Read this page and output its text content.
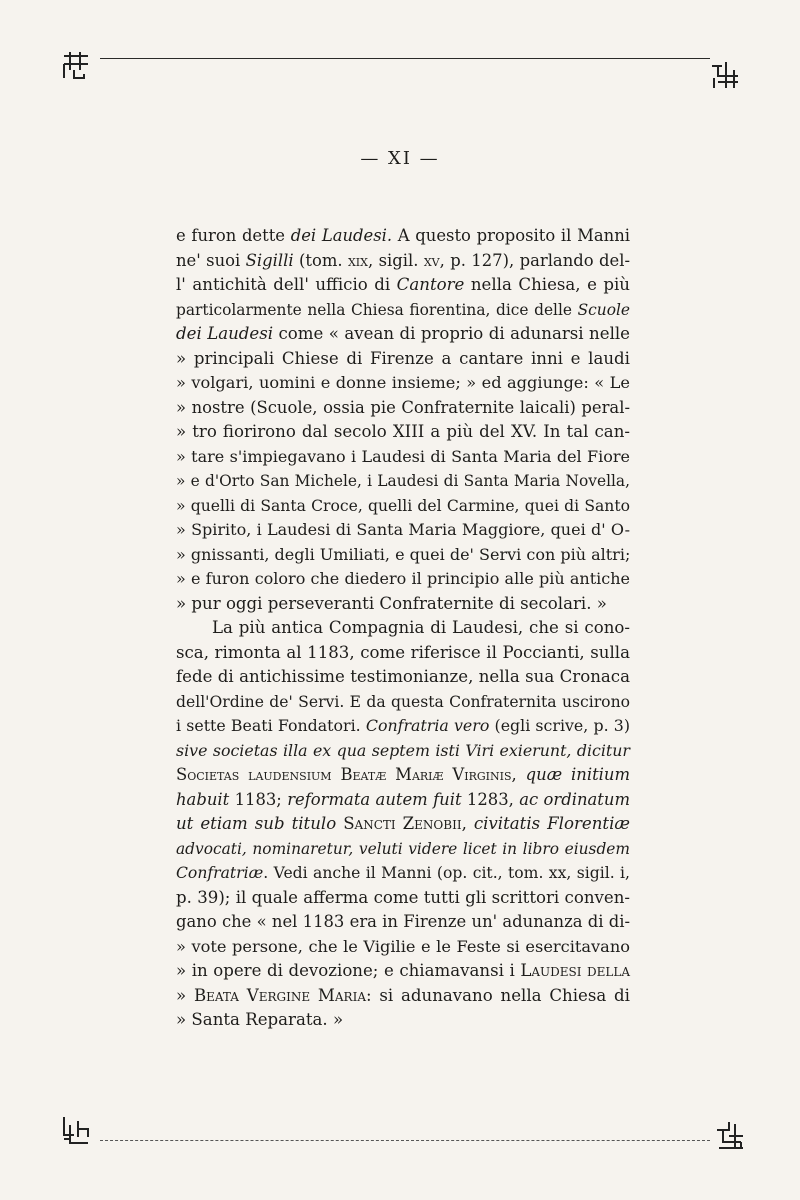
— XI —
e furon dette dei Laudesi. A questo proposito il Manni
ne' suoi Sigilli (tom. xix, sigil. xv, p. 127), parlando del-
l' antichità dell' ufficio di Cantore nella Chiesa, e più
particolarmente nella Chiesa fiorentina, dice delle Scuole
dei Laudesi come « avean di proprio di adunarsi nelle
» principali Chiese di Firenze a cantare inni e laudi
» volgari, uomini e donne insieme; » ed aggiunge: « Le
» nostre (Scuole, ossia pie Confraternite laicali) peral-
» tro fiorirono dal secolo XIII a più del XV. In tal can-
» tare s'impiegavano i Laudesi di Santa Maria del Fiore
» e d'Orto San Michele, i Laudesi di Santa Maria Novella,
» quelli di Santa Croce, quelli del Carmine, quei di Santo
» Spirito, i Laudesi di Santa Maria Maggiore, quei d' O-
» gnissanti, degli Umiliati, e quei de' Servi con più altri;
» e furon coloro che diedero il principio alle più antiche
» pur oggi perseveranti Confraternite di secolari. »
La più antica Compagnia di Laudesi, che si cono-
sca, rimonta al 1183, come riferisce il Poccianti, sulla
fede di antichissime testimonianze, nella sua Cronaca
dell'Ordine de' Servi. E da questa Confraternita uscirono
i sette Beati Fondatori. Confratria vero (egli scrive, p. 3)
sive societas illa ex qua septem isti Viri exierunt, dicitur
Societas laudensium Beatæ Mariæ Virginis, quæ initium
habuit 1183; reformata autem fuit 1283, ac ordinatum
ut etiam sub titulo Sancti Zenobii, civitatis Florentiæ
advocati, nominaretur, veluti videre licet in libro eiusdem
Confratriæ. Vedi anche il Manni (op. cit., tom. xx, sigil. i,
p. 39); il quale afferma come tutti gli scrittori conven-
gano che « nel 1183 era in Firenze un' adunanza di di-
» vote persone, che le Vigilie e le Feste si esercitavano
» in opere di devozione; e chiamavansi i Laudesi della
» Beata Vergine Maria: si adunavano nella Chiesa di
» Santa Reparata. »
